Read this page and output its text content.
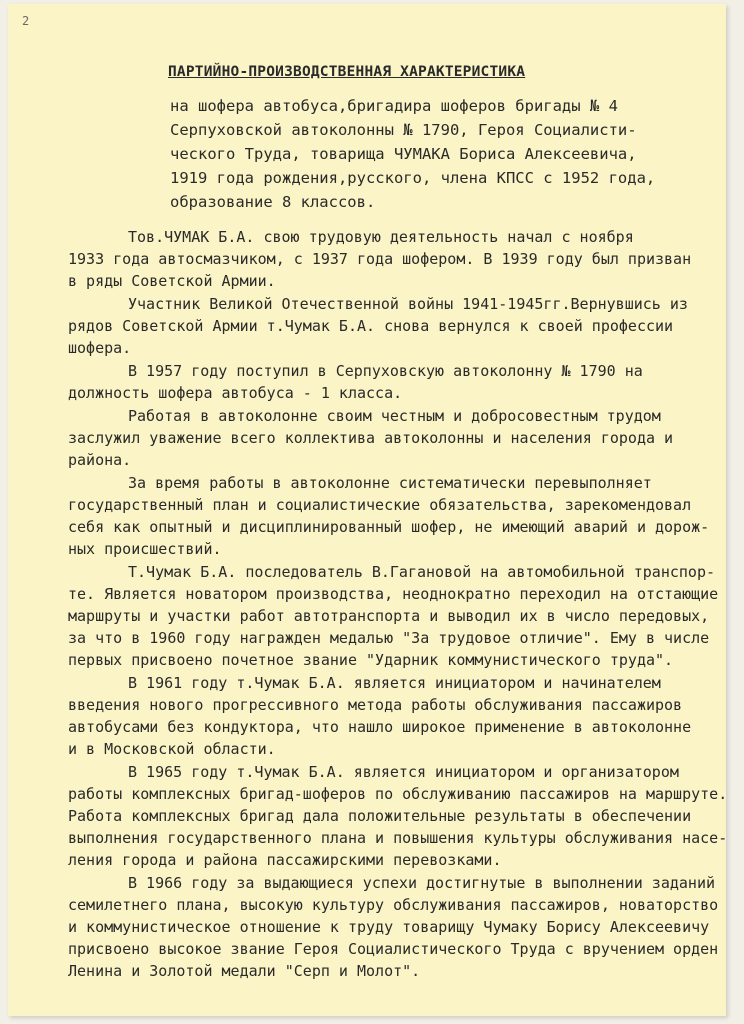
2
ПАРТИЙНО-ПРОИЗВОДСТВЕННАЯ ХАРАКТЕРИСТИКА
на шофера автобуса,бригадира шоферов бригады № 4
Серпуховской автоколонны № 1790, Героя Социалисти-
ческого Труда, товарища ЧУМАКА Бориса Алексеевича,
1919 года рождения,русского, члена КПСС с 1952 года,
образование 8 классов.
Тов.ЧУМАК Б.А. свою трудовую деятельность начал с ноября
1933 года автосмазчиком, с 1937 года шофером. В 1939 году был призван
в ряды Советской Армии.
Участник Великой Отечественной войны 1941-1945гг.Вернувшись из
рядов Советской Армии т.Чумак Б.А. снова вернулся к своей профессии
шофера.
В 1957 году поступил в Серпуховскую автоколонну № 1790 на
должность шофера автобуса - 1 класса.
Работая в автоколонне своим честным и добросовестным трудом
заслужил уважение всего коллектива автоколонны и населения города и
района.
За время работы в автоколонне систематически перевыполняет
государственный план и социалистические обязательства, зарекомендовал
себя как опытный и дисциплинированный шофер, не имеющий аварий и дорож-
ных происшествий.
Т.Чумак Б.А. последователь В.Гагановой на автомобильной транспор-
те. Является новатором производства, неоднократно переходил на отстающие
маршруты и участки работ автотранспорта и выводил их в число передовых,
за что в 1960 году награжден медалью "За трудовое отличие". Ему в числе
первых присвоено почетное звание "Ударник коммунистического труда".
В 1961 году т.Чумак Б.А. является инициатором и начинателем
введения нового прогрессивного метода работы обслуживания пассажиров
автобусами без кондуктора, что нашло широкое применение в автоколонне
и в Московской области.
В 1965 году т.Чумак Б.А. является инициатором и организатором
работы комплексных бригад-шоферов по обслуживанию пассажиров на маршруте.
Работа комплексных бригад дала положительные результаты в обеспечении
выполнения государственного плана и повышения культуры обслуживания насе-
ления города и района пассажирскими перевозками.
В 1966 году за выдающиеся успехи достигнутые в выполнении заданий
семилетнего плана, высокую культуру обслуживания пассажиров, новаторство
и коммунистическое отношение к труду товарищу Чумаку Борису Алексеевичу
присвоено высокое звание Героя Социалистического Труда с вручением орден
Ленина и Золотой медали "Серп и Молот".
